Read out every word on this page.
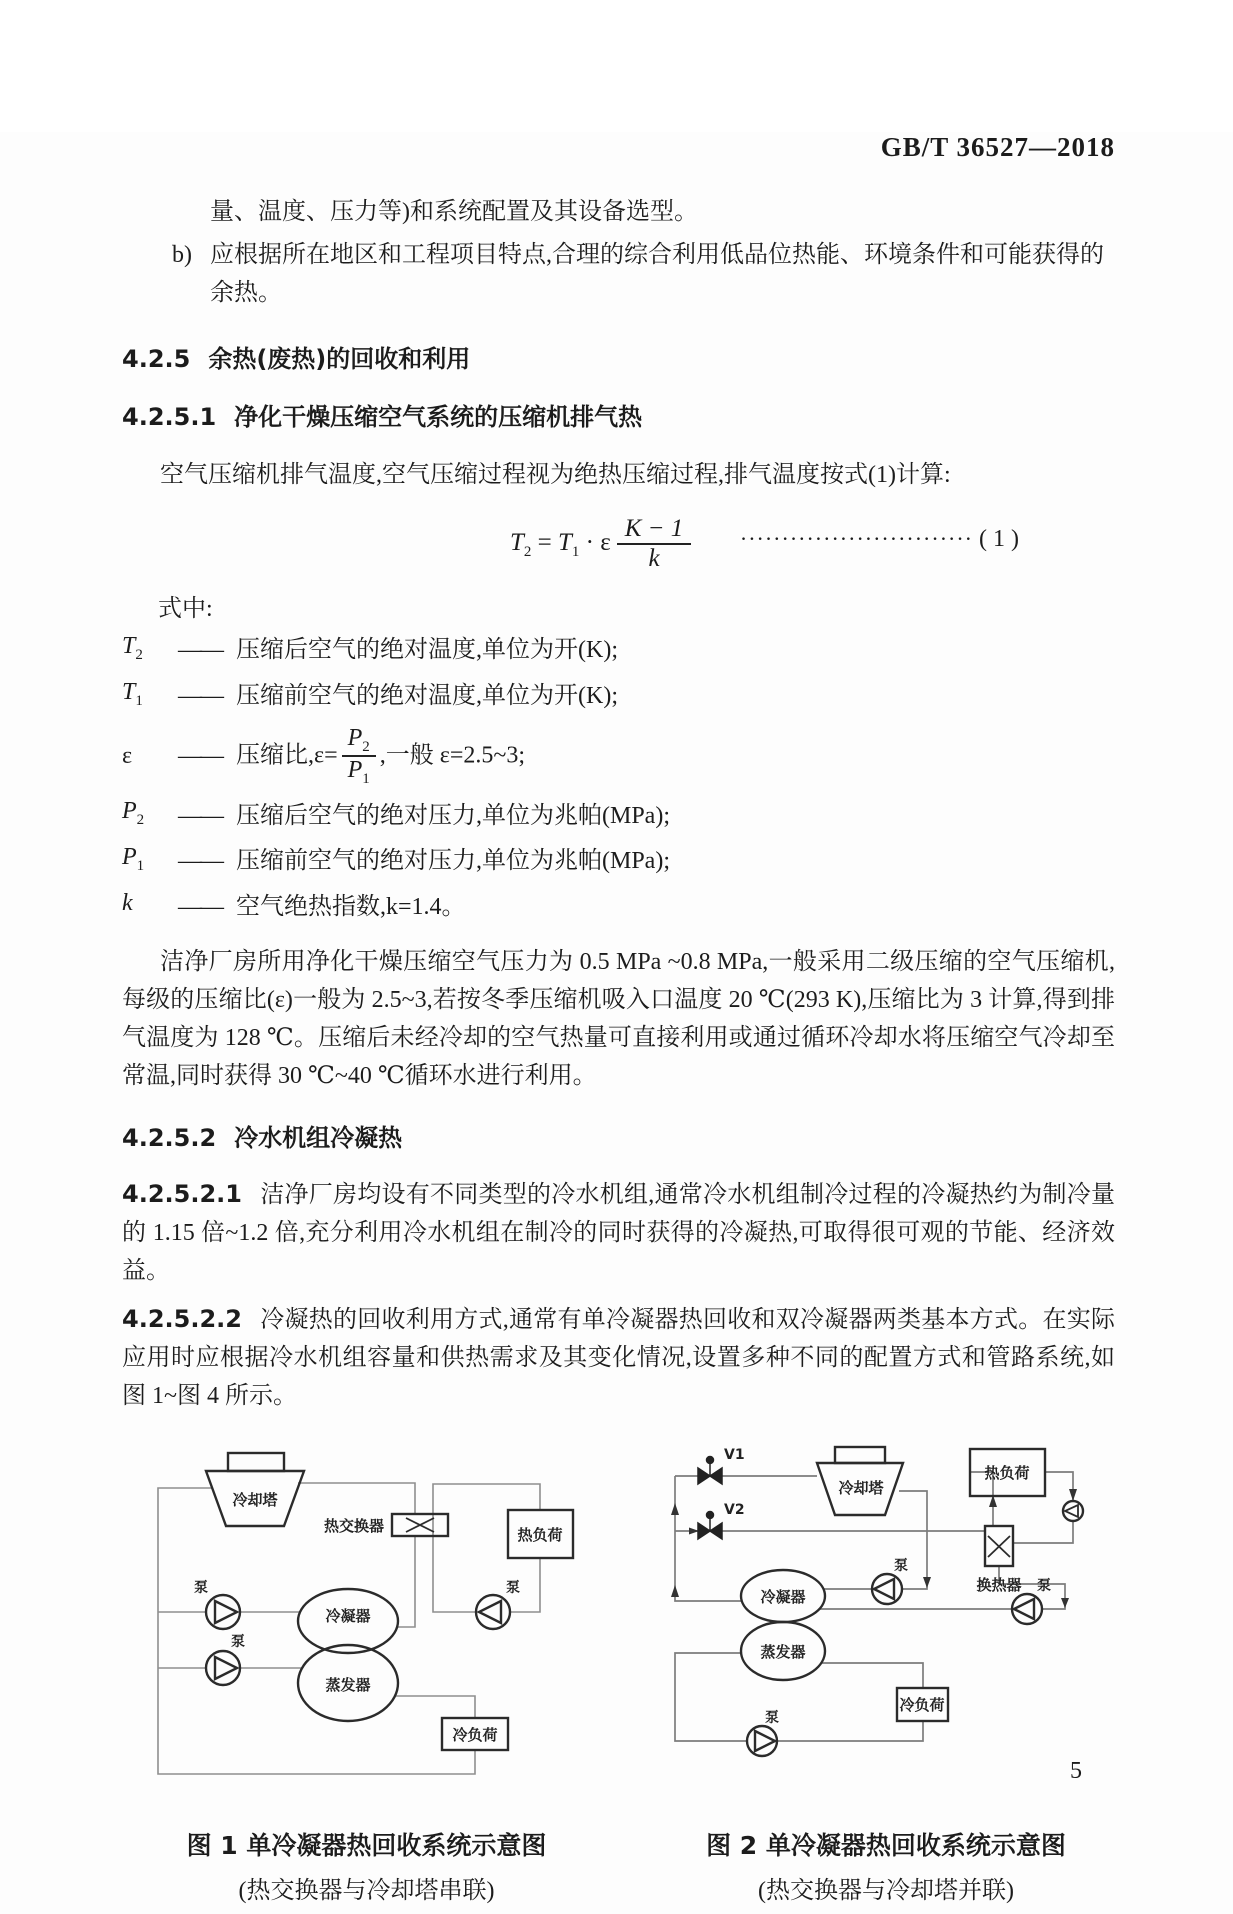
GB/T 36527—2018

量、温度、压力等)和系统配置及其设备选型。

b) 应根据所在地区和工程项目特点,合理的综合利用低品位热能、环境条件和可能获得的余热。
4.2.5 余热(废热)的回收和利用
4.2.5.1 净化干燥压缩空气系统的压缩机排气热

空气压缩机排气温度,空气压缩过程视为绝热压缩过程,排气温度按式(1)计算:

$T_2 = T_1 \cdot \varepsilon \frac{K - 1}{k}$ ···························· ( 1 )

式中:

$T_2$	—— 压缩后空气的绝对温度,单位为开(K);
$T_1$	—— 压缩前空气的绝对温度,单位为开(K);
ε	—— 压缩比$,\varepsilon= \frac{P_2}{P_1}$ ,一般 ε=2.5~3;
$P_2$	—— 压缩后空气的绝对压力,单位为兆帕(MPa);
$P_1$	—— 压缩前空气的绝对压力,单位为兆帕(MPa);
k	—— 空气绝热指数,k=1.4。

洁净厂房所用净化干燥压缩空气压力为 0.5 MPa ~0.8 MPa,一般采用二级压缩的空气压缩机,每级的压缩比(ε)一般为 2.5~3,若按冬季压缩机吸入口温度 20 ℃(293 K),压缩比为 3 计算,得到排气温度为 128 ℃。压缩后未经冷却的空气热量可直接利用或通过循环冷却水将压缩空气冷却至常温,同时获得 30 ℃~40 ℃循环水进行利用。

4.2.5.2 冷水机组冷凝热

4.2.5.2.1 洁净厂房均设有不同类型的冷水机组,通常冷水机组制冷过程的冷凝热约为制冷量的 1.15 倍~1.2 倍,充分利用冷水机组在制冷的同时获得的冷凝热,可取得很可观的节能、经济效益。

4.2.5.2.2 冷凝热的回收利用方式,通常有单冷凝器热回收和双冷凝器两类基本方式。在实际应用时应根据冷水机组容量和供热需求及其变化情况,设置多种不同的配置方式和管路系统,如图 1~图 4 所示。

冷却塔
热交换器	热负荷
冷凝器
蒸发器
冷负荷
泵
泵
泵
图 1 单冷凝器热回收系统示意图
(热交换器与冷却塔串联)
V1
V2
冷却塔
热负荷
换热器
冷凝器
蒸发器
冷负荷
泵
泵
泵
图 2 单冷凝器热回收系统示意图
(热交换器与冷却塔并联)
5
